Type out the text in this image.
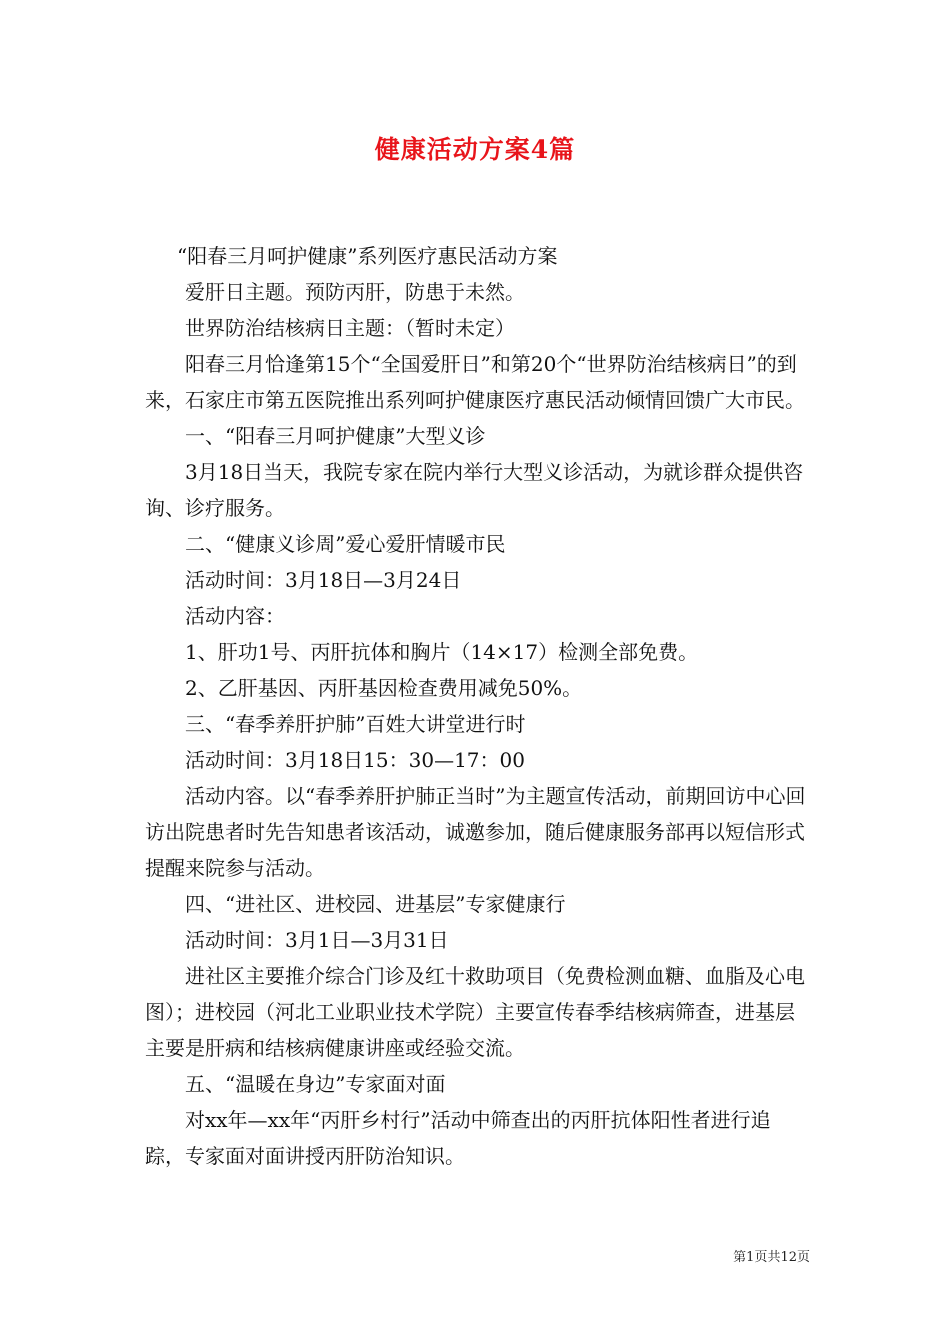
健康活动方案4篇

“阳春三月呵护健康”系列医疗惠民活动方案

爱肝日主题。预防丙肝，防患于未然。

世界防治结核病日主题：（暂时未定）

阳春三月恰逢第15个“全国爱肝日”和第20个“世界防治结核病日”的到来，石家庄市第五医院推出系列呵护健康医疗惠民活动倾情回馈广大市民。

一、“阳春三月呵护健康”大型义诊

3月18日当天，我院专家在院内举行大型义诊活动，为就诊群众提供咨询、诊疗服务。

二、“健康义诊周”爱心爱肝情暖市民

活动时间：3月18日—3月24日

活动内容：

1、肝功1号、丙肝抗体和胸片（14×17）检测全部免费。

2、乙肝基因、丙肝基因检查费用减免50%。

三、“春季养肝护肺”百姓大讲堂进行时

活动时间：3月18日15：30—17：00

活动内容。以“春季养肝护肺正当时”为主题宣传活动，前期回访中心回访出院患者时先告知患者该活动，诚邀参加，随后健康服务部再以短信形式提醒来院参与活动。

四、“进社区、进校园、进基层”专家健康行

活动时间：3月1日—3月31日

进社区主要推介综合门诊及红十救助项目（免费检测血糖、血脂及心电图）；进校园（河北工业职业技术学院）主要宣传春季结核病筛查，进基层主要是肝病和结核病健康讲座或经验交流。

五、“温暖在身边”专家面对面

对xx年—xx年“丙肝乡村行”活动中筛查出的丙肝抗体阳性者进行追踪，专家面对面讲授丙肝防治知识。

第1页共12页
